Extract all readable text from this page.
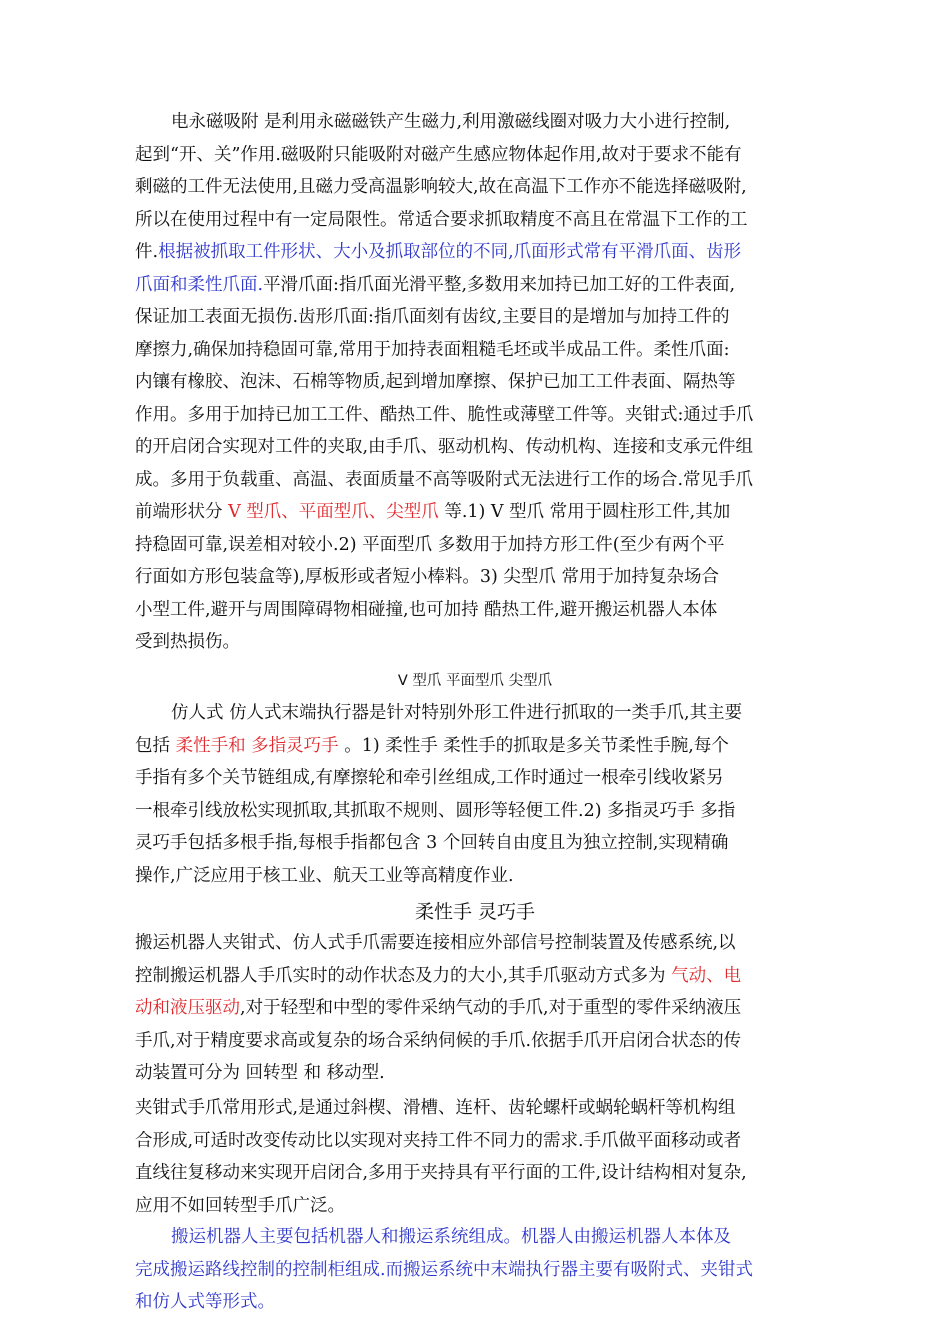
电永磁吸附 是利用永磁磁铁产生磁力,利用激磁线圈对吸力大小进行控制,
起到“开、关”作用.磁吸附只能吸附对磁产生感应物体起作用,故对于要求不能有
剩磁的工件无法使用,且磁力受高温影响较大,故在高温下工作亦不能选择磁吸附,
所以在使用过程中有一定局限性。常适合要求抓取精度不高且在常温下工作的工
件.根据被抓取工件形状、大小及抓取部位的不同,爪面形式常有平滑爪面、齿形
爪面和柔性爪面.平滑爪面:指爪面光滑平整,多数用来加持已加工好的工件表面,
保证加工表面无损伤.齿形爪面:指爪面刻有齿纹,主要目的是增加与加持工件的
摩擦力,确保加持稳固可靠,常用于加持表面粗糙毛坯或半成品工件。柔性爪面:
内镶有橡胶、泡沫、石棉等物质,起到增加摩擦、保护已加工工件表面、隔热等
作用。多用于加持已加工工件、酷热工件、脆性或薄壁工件等。夹钳式:通过手爪
的开启闭合实现对工件的夹取,由手爪、驱动机构、传动机构、连接和支承元件组
成。多用于负载重、高温、表面质量不高等吸附式无法进行工作的场合.常见手爪
前端形状分 V 型爪、平面型爪、尖型爪 等.1) V 型爪 常用于圆柱形工件,其加
持稳固可靠,误差相对较小.2) 平面型爪 多数用于加持方形工件(至少有两个平
行面如方形包装盒等),厚板形或者短小棒料。3) 尖型爪 常用于加持复杂场合
小型工件,避开与周围障碍物相碰撞,也可加持 酷热工件,避开搬运机器人本体
受到热损伤。
V 型爪 平面型爪 尖型爪
仿人式 仿人式末端执行器是针对特别外形工件进行抓取的一类手爪,其主要
包括 柔性手和 多指灵巧手 。1) 柔性手 柔性手的抓取是多关节柔性手腕,每个
手指有多个关节链组成,有摩擦轮和牵引丝组成,工作时通过一根牵引线收紧另
一根牵引线放松实现抓取,其抓取不规则、圆形等轻便工件.2) 多指灵巧手 多指
灵巧手包括多根手指,每根手指都包含 3 个回转自由度且为独立控制,实现精确
操作,广泛应用于核工业、航天工业等高精度作业.
柔性手 灵巧手
搬运机器人夹钳式、仿人式手爪需要连接相应外部信号控制装置及传感系统,以
控制搬运机器人手爪实时的动作状态及力的大小,其手爪驱动方式多为 气动、电
动和液压驱动,对于轻型和中型的零件采纳气动的手爪,对于重型的零件采纳液压
手爪,对于精度要求高或复杂的场合采纳伺候的手爪.依据手爪开启闭合状态的传
动装置可分为 回转型 和 移动型.
夹钳式手爪常用形式,是通过斜楔、滑槽、连杆、齿轮螺杆或蜗轮蜗杆等机构组
合形成,可适时改变传动比以实现对夹持工件不同力的需求.手爪做平面移动或者
直线往复移动来实现开启闭合,多用于夹持具有平行面的工件,设计结构相对复杂,
应用不如回转型手爪广泛。
搬运机器人主要包括机器人和搬运系统组成。机器人由搬运机器人本体及
完成搬运路线控制的控制柜组成.而搬运系统中末端执行器主要有吸附式、夹钳式
和仿人式等形式。
